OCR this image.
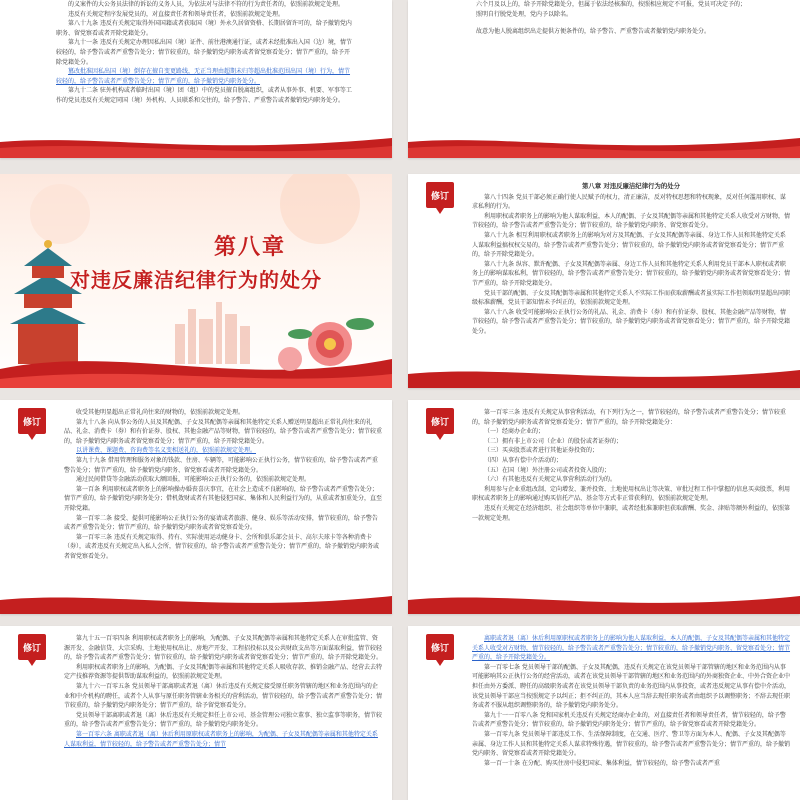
的义案件的大公务员法律的诉讼的义务人员，为依法对与法律不符的行为责任者的，依照前款规定处理。

违反有关规定程序发展党员的，对直接责任者和领导责任者，依照前款规定处理。

第八十九条 违反有关规定取得外国国籍或者获取国（境）外永久居留资格、长期居留许可的，给予撤销党内职务、留党察看或者开除党籍处分。

第九十一条 违反有关规定办理因私出国（境）证件、前往港澳通行证，或者未经批准出入国（边）境，情节较轻的，给予警告或者严重警告处分；情节较重的，给予撤销党内职务或者留党察看处分；情节严重的，给予开除党籍处分。

篡改批准因私出国（境）倒存在擅自变更路线，无正当理由超期未归等超出批准范围出国（境）行为，情节较轻的，给予警告或者严重警告处分；情节严重的，给予撤销党内职务处分。

第九十二条 驻外机构或者临时出国（境）团（组）中的党员擅自脱离组织，或者从事外事、机要、军事等工作的党员违反有关规定同国（境）外机构、人员联系和交往的，给予警告、严重警告或者撤销党内职务处分。

六个月及以上的，给予开除党籍处分，但属于依法经核准的，按照相应规定不可报，党员可决定予的；

照明自行脱党处理，党内予以除名。

故意为他人脱离组织出走提供方便条件的，给予警告、严重警告或者撤销党内职务处分。

第八章
对违反廉洁纪律行为的处分
修订
第八章 对违反廉洁纪律行为的处分

第八十四条 党员干部必须正确行使人民赋予的权力，清正廉洁，反对特权思想和特权现象，反对任何滥用职权、谋求私利的行为。

利用职权或者职务上的影响为他人谋取利益，本人的配偶、子女及其配偶等亲属和其他特定关系人收受对方财物，情节较轻的，给予警告或者严重警告处分；情节较重的，给予撤销党内职务、留党察看处分。

第八十九条 相互利用职权或者职务上的影响为对方及其配偶、子女及其配偶等亲属、身边工作人员和其他特定关系人谋取利益搞权权交易的，给予警告或者严重警告处分；情节较重的，给予撤销党内职务或者留党察看处分；情节严重的，给予开除党籍处分。

第八十九条 纵容、默许配偶、子女及其配偶等亲属、身边工作人员和其他特定关系人利用党员干部本人职权或者职务上的影响谋取私利，情节较轻的，给予警告或者严重警告处分；情节较重的，给予撤销党内职务或者留党察看处分；情节严重的，给予开除党籍处分。

党员干部的配偶、子女及其配偶等亲属和其他特定关系人不实际工作而获取薪酬或者虽实际工作但领取明显超出同职级标准薪酬，党员干部知情未予纠正的，依照前款规定处理。

第八十八条 收受可能影响公正执行公务的礼品、礼金、消费卡（券）和有价证券、股权、其他金融产品等财物，情节较轻的，给予警告或者严重警告处分；情节较重的，给予撤销党内职务或者留党察看处分；情节严重的，给予开除党籍处分。

修订

收受其他明显超出正常礼尚往来的财物的，依照前款规定处理。

第九十八条 向从事公务的人员及其配偶、子女及其配偶等亲属和其他特定关系人赠送明显超出正常礼尚往来的礼品、礼金、消费卡（券）和有价证券、股权、其他金融产品等财物，情节较轻的，给予警告或者严重警告处分；情节较重的，给予撤销党内职务或者留党察看处分；情节严重的，给予开除党籍处分。

以讲课费、课题费、咨询费等名义变相送礼的，依照前款规定处理。

第九十九条 借用管理和服务对象的钱款、住房、车辆等，可能影响公正执行公务，情节较重的，给予警告或者严重警告处分；情节严重的，给予撤销党内职务、留党察看或者开除党籍处分。

通过民间借贷等金融活动获取大额回报，可能影响公正执行公务的，依照前款规定处理。

第一百条 利用职权或者职务上的影响操办婚丧喜庆事宜，在社会上造成不良影响的，给予警告或者严重警告处分；情节严重的，给予撤销党内职务处分；借机敛财或者有其他侵犯国家、集体和人民利益行为的，从重或者加重处分，直至开除党籍。

第一百零二条 接受、提供可能影响公正执行公务的宴请或者旅游、健身、娱乐等活动安排，情节较重的，给予警告或者严重警告处分；情节严重的，给予撤销党内职务或者留党察看处分。

第一百零三条 违反有关规定取得、持有、实际使用运动健身卡、会所和俱乐部会员卡、高尔夫球卡等各种消费卡（券），或者违反有关规定出入私人会所，情节较重的，给予警告或者严重警告处分；情节严重的，给予撤销党内职务或者留党察看处分。

修订

第一百零三条 违反有关规定从事营利活动，有下列行为之一，情节较轻的，给予警告或者严重警告处分；情节较重的，给予撤销党内职务或者留党察看处分；情节严重的，给予开除党籍处分：

（一）经商办企业的；

（二）拥有非上市公司（企业）的股份或者证券的；

（三）买卖股票或者进行其他证券投资的；

（四）从事有偿中介活动的；

（五）在国（境）外注册公司或者投资入股的；

（六）有其他违反有关规定从事营利活动行为的。

利用参与企业重组改制、定向增发、兼并投资、土地使用权出让等决策、审批过程工作中掌握的信息买卖股票，利用职权或者职务上的影响通过购买信托产品、基金等方式非正常获利的，依照前款规定处理。

违反有关规定在经济组织、社会组织等单位中兼职，或者经批准兼职但获取薪酬、奖金、津贴等额外利益的，依照第一款规定处理。

修订

第九十五一百零四条 利用职权或者职务上的影响，为配偶、子女及其配偶等亲属和其他特定关系人在审批监管、资源开发、金融信贷、大宗采购、土地使用权出让、房地产开发、工程招投标以及公共财政支出等方面谋取利益，情节较轻的，给予警告或者严重警告处分；情节较重的，给予撤销党内职务或者留党察看处分；情节严重的，给予开除党籍处分。

利用职权或者职务上的影响，为配偶、子女及其配偶等亲属和其他特定关系人吸收存款、推销金融产品、经营去去特定产技推荐资源等提供帮助谋取利益的，依照前款规定处理。

第九十六一百零五条 党员领导干部离职或者退（离）休后违反有关规定接受原任职务管辖的地区和业务范围内的企业和中介机构的聘任，或者个人从事与原任职务管辖业务相关的营利活动，情节较轻的，给予警告或者严重警告处分；情节较重的，给予撤销党内职务处分；情节严重的，给予留党察看处分。

党员领导干部离职或者退（离）休后违反有关规定担任上市公司、基金管理公司独立董事、独立监事等职务，情节较重的，给予警告或者严重警告处分；情节严重的，给予撤销党内职务处分。

第一百零六条 离职或者退（离）休后利用原职权或者职务上的影响，为配偶、子女及其配偶等亲属和其他特定关系人谋取利益，情节较轻的，给予警告或者严重警告处分；情节

修订

离职或者退（离）休后利用原职权或者职务上的影响为他人谋取利益，本人的配偶、子女及其配偶等亲属和其他特定关系人收受对方财物，情节较轻的，给予警告或者严重警告处分；情节较重的，给予撤销党内职务、留党察看处分；情节严重的，给予开除党籍处分。

第一百零七条 党员领导干部的配偶、子女及其配偶，违反有关规定在该党员领导干部管辖的地区和业务范围内从事可能影响其公正执行公务的经营活动，或者在该党员领导干部管辖的地区和业务范围内的外商独资企业、中外合资企业中担任由外方委派、聘任的高级职务或者在该党员领导干部负责的业务范围内从事投资，或者违反规定从事有偿中介活动，该党员领导干部应当按照规定予以纠正；拒不纠正的，其本人应当辞去现任职务或者由组织予以调整职务；不辞去现任职务或者不服从组织调整职务的，给予撤销党内职务处分。

第九十一一百零八条 党和国家机关违反有关规定经商办企业的，对直接责任者和领导责任者，情节较轻的，给予警告或者严重警告处分；情节较重的，给予撤销党内职务处分；情节严重的，给予留党察看或者开除党籍处分。

第一百零九条 党员领导干部违反工作、生活保障制度，在交通、医疗、警卫等方面为本人、配偶、子女及其配偶等亲属、身边工作人员和其他特定关系人谋求特殊待遇，情节较重的，给予警告或者严重警告处分；情节严重的，给予撤销党内职务、留党察看或者开除党籍处分。

第一百一十条 在分配、购买住房中侵犯国家、集体利益，情节较轻的，给予警告或者严重
